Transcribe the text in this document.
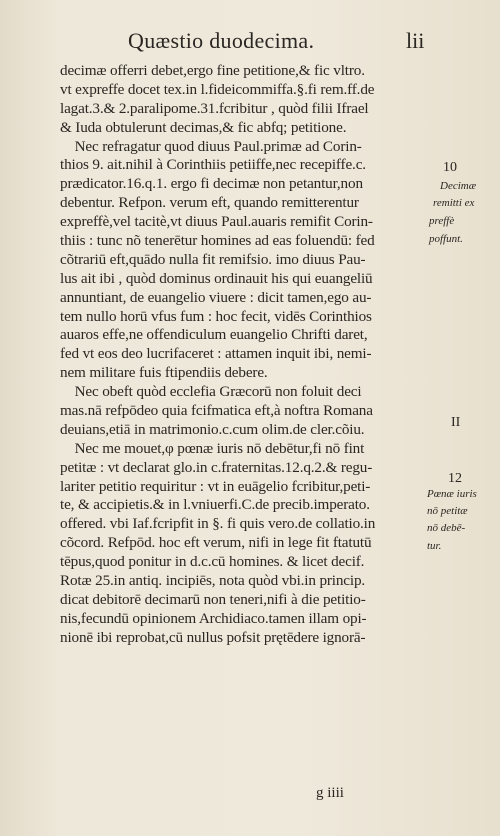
Quæstio duodecima.	lii
decimæ offerri debet,ergo fine petitione,& fic vltro.
vt expreffe docet tex.in l.fideicommiffa.§.fi rem.ff.de
lagat.3.& 2.paralipome.31.fcribitur , quòd filii Ifrael
& Iuda obtulerunt decimas,& fic abfq; petitione.
Nec refragatur quod diuus Paul.primæ ad Corin-
thios 9. ait.nihil à Corinthiis petiiffe,nec recepiffe.c.
prædicator.16.q.1. ergo fi decimæ non petantur,non
debentur. Refpon. verum eft, quando remitterentur
expreffè,vel tacitè,vt diuus Paul.auaris remifit Corin-
thiis : tunc nõ tenerētur homines ad eas foluendū: fed
cõtrariū eft,quādo nulla fit remifsio. imo diuus Pau-
lus ait ibi , quòd dominus ordinauit his qui euangeliū
annuntiant, de euangelio viuere : dicit tamen,ego au-
tem nullo horū vfus fum : hoc fecit, vidēs Corinthios
auaros effe,ne offendiculum euangelio Chrifti daret,
fed vt eos deo lucrifaceret : attamen inquit ibi, nemi-
nem militare fuis ftipendiis debere.
Nec obeft quòd ecclefia Græcorū non foluit deci
mas.nā refpōdeo quia fcifmatica eft,à noftra Romana
deuians,etiā in matrimonio.c.cum olim.de cler.cõiu.
Nec me mouet,φ pœnæ iuris nō debētur,fi nō fint
petitæ : vt declarat glo.in c.fraternitas.12.q.2.& regu-
lariter petitio requiritur : vt in euāgelio fcribitur,peti-
te, & accipietis.& in l.vniuerfi.C.de precib.imperato.
offered. vbi Iaf.fcripfit in §. fi quis vero.de collatio.in
cõcord. Refpōd. hoc eft verum, nifi in lege fit ftatutū
tēpus,quod ponitur in d.c.cū homines. & licet decif.
Rotæ 25.in antiq. incipiēs, nota quòd vbi.in princip.
dicat debitorē decimarū non teneri,nifi à die petitio-
nis,fecundū opinionem Archidiaco.tamen illam opi-
nionē ibi reprobat,cū nullus pofsit prętēdere ignorā-
g iiii
10
Decimæ
remitti ex
preffè
poffunt.
II
12
Pœnæ iuris
nō petitæ
nō debē-
tur.
